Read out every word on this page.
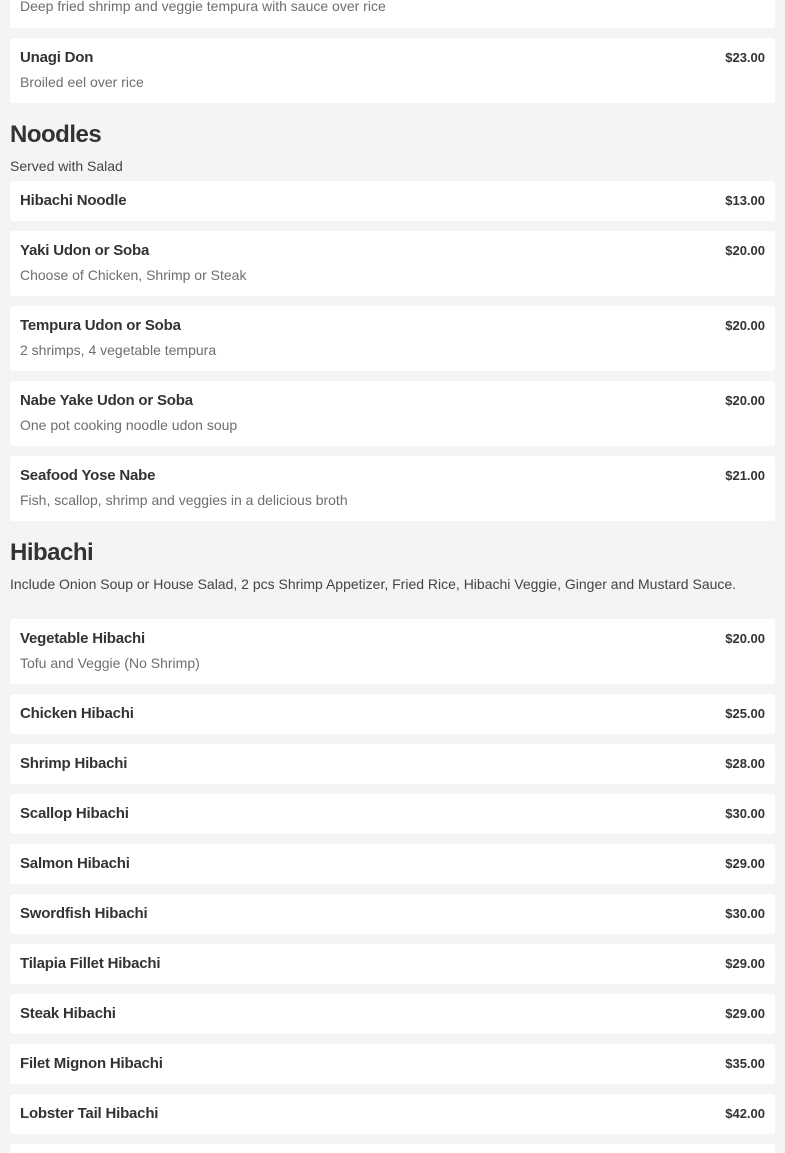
Deep fried shrimp and veggie tempura with sauce over rice
Unagi Don	$23.00
Broiled eel over rice
Noodles
Served with Salad
Hibachi Noodle	$13.00
Yaki Udon or Soba	$20.00
Choose of Chicken, Shrimp or Steak
Tempura Udon or Soba	$20.00
2 shrimps, 4 vegetable tempura
Nabe Yake Udon or Soba	$20.00
One pot cooking noodle udon soup
Seafood Yose Nabe	$21.00
Fish, scallop, shrimp and veggies in a delicious broth
Hibachi
Include Onion Soup or House Salad, 2 pcs Shrimp Appetizer, Fried Rice, Hibachi Veggie, Ginger and Mustard Sauce.
Vegetable Hibachi	$20.00
Tofu and Veggie (No Shrimp)
Chicken Hibachi	$25.00
Shrimp Hibachi	$28.00
Scallop Hibachi	$30.00
Salmon Hibachi	$29.00
Swordfish Hibachi	$30.00
Tilapia Fillet Hibachi	$29.00
Steak Hibachi	$29.00
Filet Mignon Hibachi	$35.00
Lobster Tail Hibachi	$42.00
